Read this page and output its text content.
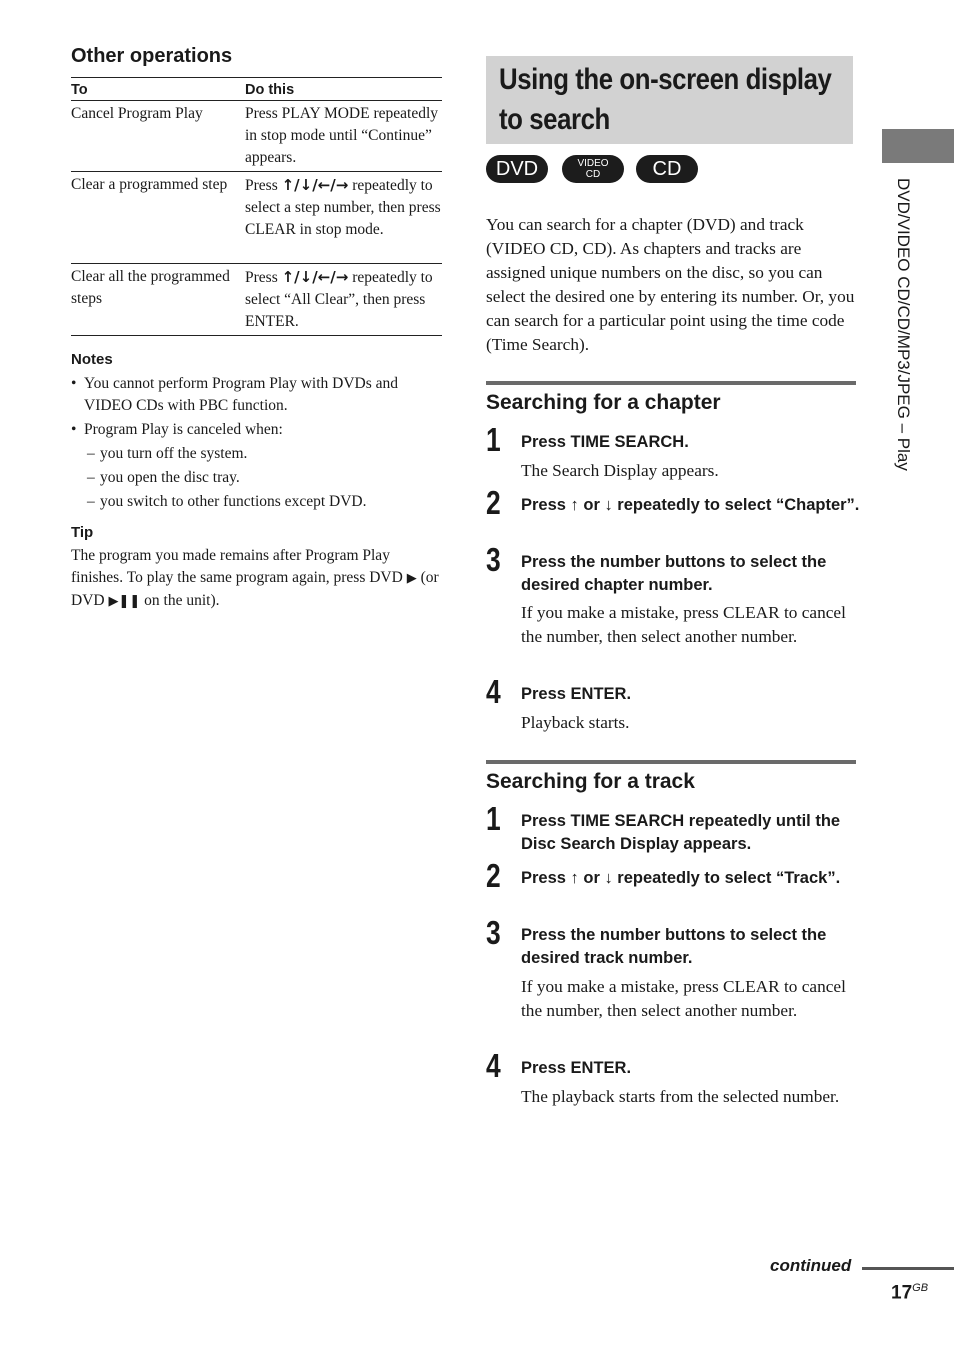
Other operations
To	Do this
Cancel Program Play	Press PLAY MODE repeatedly in stop mode until “Continue” appears.
Clear a programmed step	Press ↑/↓/←/→ repeatedly to select a step number, then press CLEAR in stop mode.
Clear all the programmed steps	Press ↑/↓/←/→ repeatedly to select “All Clear”, then press ENTER.
Notes
• You cannot perform Program Play with DVDs and VIDEO CDs with PBC function.
• Program Play is canceled when:
– you turn off the system.
– you open the disc tray.
– you switch to other functions except DVD.
Tip
The program you made remains after Program Play finishes. To play the same program again, press DVD ▶ (or DVD ▶❚❚ on the unit).
Using the on-screen display to search
DVD	VIDEO
CD	CD
You can search for a chapter (DVD) and track (VIDEO CD, CD). As chapters and tracks are assigned unique numbers on the disc, so you can select the desired one by entering its number. Or, you can search for a particular point using the time code (Time Search).
Searching for a chapter
1 Press TIME SEARCH.
The Search Display appears.
2 Press ↑ or ↓ repeatedly to select “Chapter”.
3 Press the number buttons to select the desired chapter number.
If you make a mistake, press CLEAR to cancel the number, then select another number.
4 Press ENTER.
Playback starts.
Searching for a track
1 Press TIME SEARCH repeatedly until the Disc Search Display appears.
2 Press ↑ or ↓ repeatedly to select “Track”.
3 Press the number buttons to select the desired track number.
If you make a mistake, press CLEAR to cancel the number, then select another number.
4 Press ENTER.
The playback starts from the selected number.
DVD/VIDEO CD/CD/MP3/JPEG – Play
continued
$17^{GB}$
